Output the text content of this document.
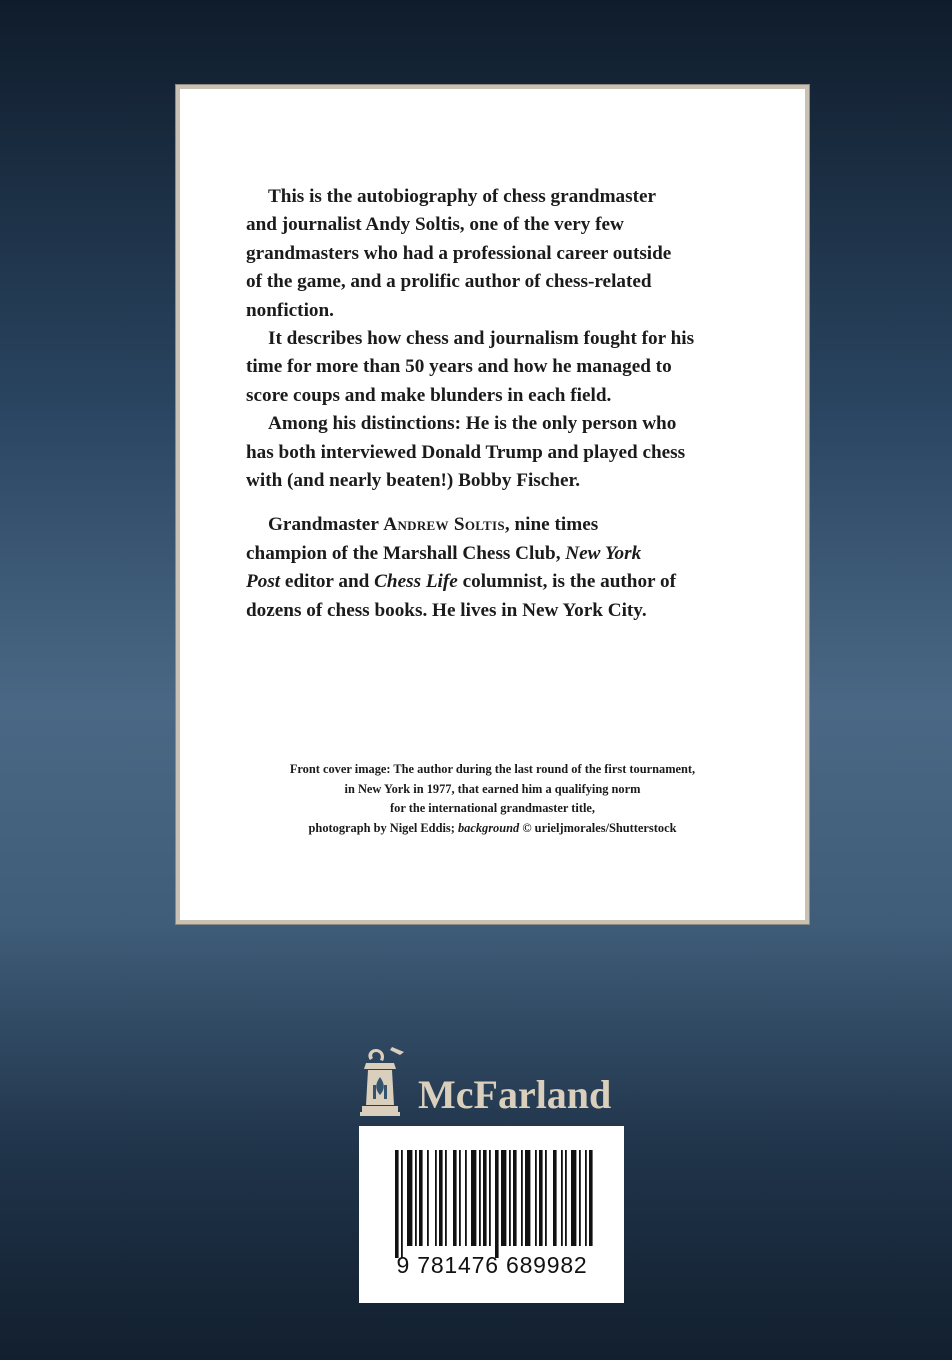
This is the autobiography of chess grandmaster
and journalist Andy Soltis, one of the very few
grandmasters who had a professional career outside
of the game, and a prolific author of chess-related
nonfiction.

It describes how chess and journalism fought for his
time for more than 50 years and how he managed to
score coups and make blunders in each field.

Among his distinctions: He is the only person who
has both interviewed Donald Trump and played chess
with (and nearly beaten!) Bobby Fischer.

Grandmaster Andrew Soltis, nine times
champion of the Marshall Chess Club, New York
Post editor and Chess Life columnist, is the author of
dozens of chess books. He lives in New York City.

Front cover image: The author during the last round of the first tournament,
in New York in 1977, that earned him a qualifying norm
for the international grandmaster title,
photograph by Nigel Eddis; background © urieljmorales/Shutterstock
McFarland
9 781476 689982
